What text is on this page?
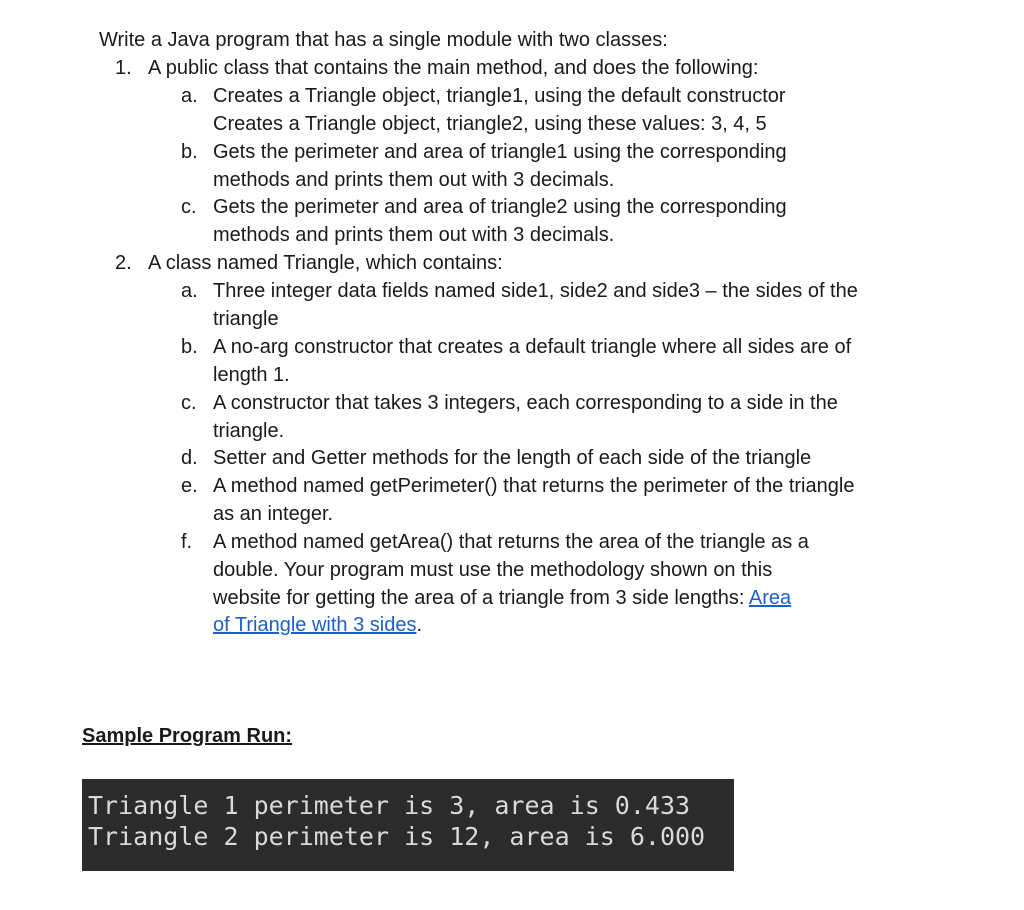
Write a Java program that has a single module with two classes:
1. A public class that contains the main method, and does the following:
a. Creates a Triangle object, triangle1, using the default constructor
Creates a Triangle object, triangle2, using these values: 3, 4, 5
b. Gets the perimeter and area of triangle1 using the corresponding
methods and prints them out with 3 decimals.
c. Gets the perimeter and area of triangle2 using the corresponding
methods and prints them out with 3 decimals.
2. A class named Triangle, which contains:
a. Three integer data fields named side1, side2 and side3 – the sides of the
triangle
b. A no-arg constructor that creates a default triangle where all sides are of
length 1.
c. A constructor that takes 3 integers, each corresponding to a side in the
triangle.
d. Setter and Getter methods for the length of each side of the triangle
e. A method named getPerimeter() that returns the perimeter of the triangle
as an integer.
f. A method named getArea() that returns the area of the triangle as a
double. Your program must use the methodology shown on this
website for getting the area of a triangle from 3 side lengths: Area
of Triangle with 3 sides.
Sample Program Run:
Triangle 1 perimeter is 3, area is 0.433
Triangle 2 perimeter is 12, area is 6.000
